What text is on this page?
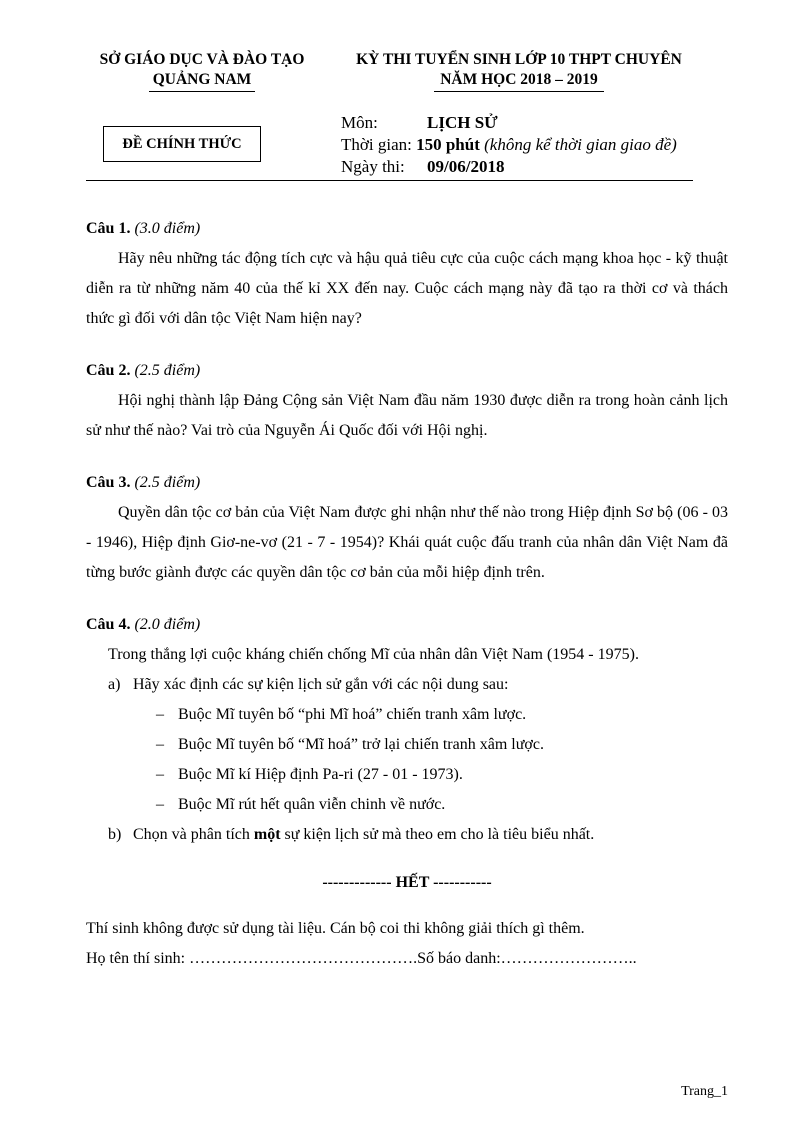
SỞ GIÁO DỤC VÀ ĐÀO TẠO
QUẢNG NAM
KỲ THI TUYỂN SINH LỚP 10 THPT CHUYÊN
NĂM HỌC 2018 – 2019
ĐỀ CHÍNH THỨC
Môn:	LỊCH SỬ
Thời gian: 150 phút (không kể thời gian giao đề)
Ngày thi: 09/06/2018

Câu 1. (3.0 điểm)

Hãy nêu những tác động tích cực và hậu quả tiêu cực của cuộc cách mạng khoa học - kỹ thuật diễn ra từ những năm 40 của thế kỉ XX đến nay. Cuộc cách mạng này đã tạo ra thời cơ và thách thức gì đối với dân tộc Việt Nam hiện nay?

Câu 2. (2.5 điểm)

Hội nghị thành lập Đảng Cộng sản Việt Nam đầu năm 1930 được diễn ra trong hoàn cảnh lịch sử như thế nào? Vai trò của Nguyễn Ái Quốc đối với Hội nghị.

Câu 3. (2.5 điểm)

Quyền dân tộc cơ bản của Việt Nam được ghi nhận như thế nào trong Hiệp định Sơ bộ (06 - 03 - 1946), Hiệp định Giơ-ne-vơ (21 - 7 - 1954)? Khái quát cuộc đấu tranh của nhân dân Việt Nam đã từng bước giành được các quyền dân tộc cơ bản của mỗi hiệp định trên.

Câu 4. (2.0 điểm)

Trong thắng lợi cuộc kháng chiến chống Mĩ của nhân dân Việt Nam (1954 - 1975).

a) Hãy xác định các sự kiện lịch sử gắn với các nội dung sau:

– Buộc Mĩ tuyên bố “phi Mĩ hoá” chiến tranh xâm lược.

– Buộc Mĩ tuyên bố “Mĩ hoá” trở lại chiến tranh xâm lược.

– Buộc Mĩ kí Hiệp định Pa-ri (27 - 01 - 1973).

– Buộc Mĩ rút hết quân viễn chinh về nước.

b) Chọn và phân tích một sự kiện lịch sử mà theo em cho là tiêu biểu nhất.

------------- HẾT -----------

Thí sinh không được sử dụng tài liệu. Cán bộ coi thi không giải thích gì thêm.

Họ tên thí sinh: …………………………………….Số báo danh:……………………..

Trang_1
